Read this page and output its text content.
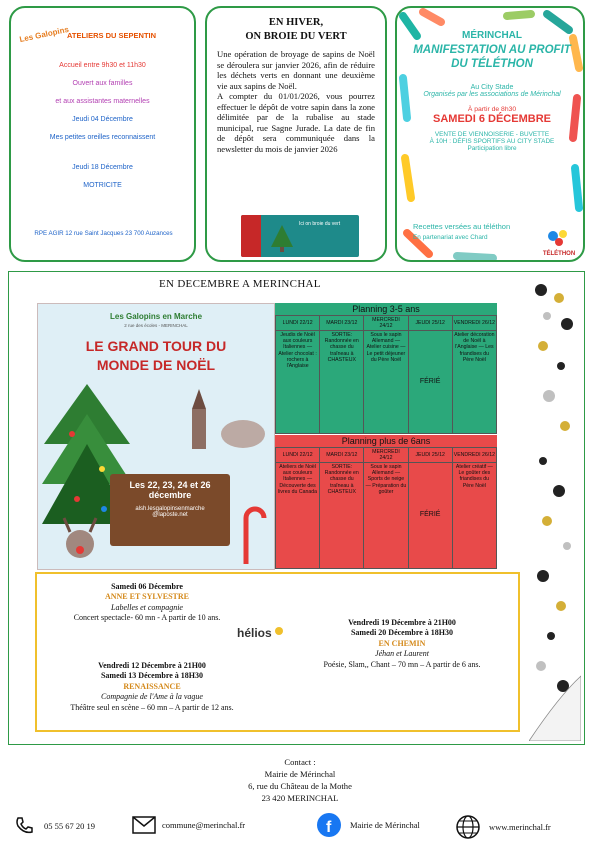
Les Galopins
ATELIERS DU SEPENTIN

Accueil entre 9h30 et 11h30

Ouvert aux familles

et aux assistantes maternelles

Jeudi 04 Décembre

Mes petites oreilles reconnaissent

Jeudi 18 Décembre

MOTRICITE

RPE AGIR 12 rue Saint Jacques 23 700 Auzances
EN HIVER,
ON BROIE DU VERT

Une opération de broyage de sapins de Noël se déroulera sur janvier 2026, afin de réduire les déchets verts en donnant une deuxième vie aux sapins de Noël.

A compter du 01/01/2026, vous pourrez effectuer le dépôt de votre sapin dans la zone délimitée par de la rubalise au stade municipal, rue Sagne Jurade. La date de fin de dépôt sera communiquée dans la newsletter du mois de janvier 2026

Ici on broie du vert
MÉRINCHAL
MANIFESTATION AU PROFIT DU TÉLÉTHON
Au City Stade
Organisés par les associations de Mérinchal
À partir de 8h30
SAMEDI 6 DÉCEMBRE
VENTE DE VIENNOISERIE - BUVETTE
À 10H : DÉFIS SPORTIFS AU CITY STADE
Participation libre
Recettes versées au téléthon
En partenariat avec Chard
TÉLÉTHON
EN DECEMBRE A MERINCHAL
Les Galopins en Marche
2 rue des écoles - MERINCHAL
LE GRAND TOUR DU
MONDE DE NOËL
Les 22, 23, 24 et 26
décembre
alsh.lesgalopinsenmarche
@laposte.net
Planning 3-5 ans
LUNDI 22/12	MARDI 23/12	MERCREDI 24/12	JEUDI 25/12	VENDREDI 26/12
Jeudis de Noël aux couleurs Italiennes — Atelier chocolat : rochers à l'Anglaise	SORTIE: Randonnée en chasse du traîneau à CHASTEUX	Sous le sapin Allemand — Atelier cuisine — Le petit déjeuner du Père Noël	FÉRIÉ	Atelier décoration de Noël à l'Anglaise — Les friandises du Père Noël
Planning plus de 6ans
LUNDI 22/12	MARDI 23/12	MERCREDI 24/12	JEUDI 25/12	VENDREDI 26/12
Ateliers de Noël aux couleurs Italiennes — Découverte des livres du Canada	SORTIE: Randonnée en chasse du traîneau à CHASTEUX	Sous le sapin Allemand — Sports de neige — Préparation du goûter	FÉRIÉ	Atelier créatif — Le goûter des friandises du Père Noël
Samedi 06 Décembre
ANNE ET SYLVESTRE
Labelles et compagnie
Concert spectacle- 60 mn - A partir de 10 ans.
Vendredi 12 Décembre à 21H00
Samedi 13 Décembre à 18H30
RENAISSANCE
Compagnie de l'Ame à la vague
Théâtre seul en scène – 60 mn – A partir de 12 ans.
hélios
Vendredi 19 Décembre à 21H00
Samedi 20 Décembre à 18H30
EN CHEMIN
Jéhan et Laurent
Poésie, Slam,, Chant – 70 mn – A partir de 6 ans.
Contact :
Mairie de Mérinchal
6, rue du Château de la Mothe
23 420 MERINCHAL
05 55 67 20 19	commune@merinchal.fr	f Mairie de Mérinchal	www.merinchal.fr
